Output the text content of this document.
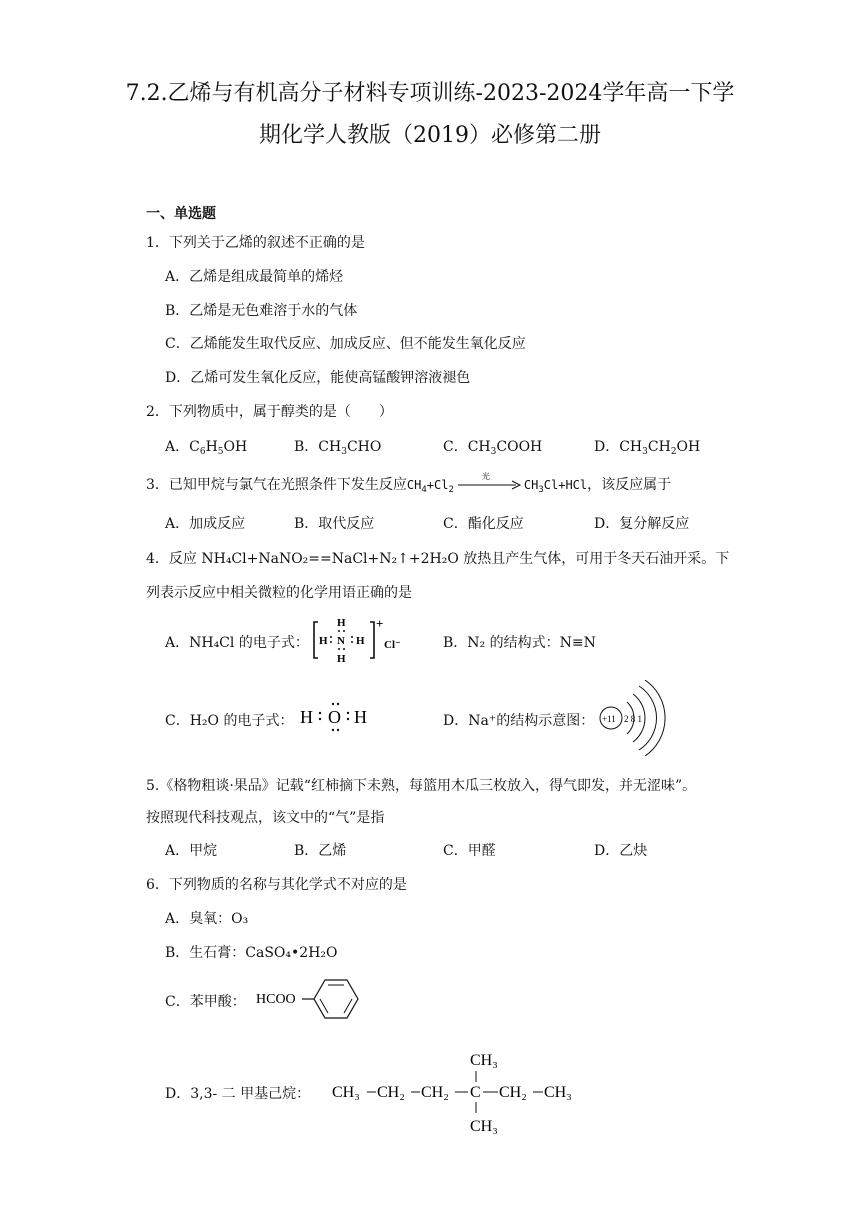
7.2.乙烯与有机高分子材料专项训练-2023-2024学年高一下学
期化学人教版（2019）必修第二册
一、单选题
1．下列关于乙烯的叙述不正确的是
A．乙烯是组成最简单的烯烃
B．乙烯是无色难溶于水的气体
C．乙烯能发生取代反应、加成反应、但不能发生氧化反应
D．乙烯可发生氧化反应，能使高锰酸钾溶液褪色
2．下列物质中，属于醇类的是（　　）
A．$C_6H_5OH$	B．$CH_3CHO$	C．$CH_3COOH$	D．$CH_3CH_2OH$
3．已知甲烷与氯气在光照条件下发生反应$CH_4+Cl_2$
光
$CH_3Cl+HCl$，该反应属于
A．加成反应	B．取代反应	C．酯化反应	D．复分解反应
4．反应 NH₄Cl+NaNO₂==NaCl+N₂↑+2H₂O 放热且产生气体，可用于冬天石油开采。下
列表示反应中相关微粒的化学用语正确的是
A．NH₄Cl 的电子式：
H
H N H
H
+
Cl⁻	B．N₂ 的结构式：N≡N
C．H₂O 的电子式： H O H	D．Na⁺的结构示意图： +11 2 8 1
5.《格物粗谈·果品》记载“红柿摘下未熟，每篮用木瓜三枚放入，得气即发，并无涩味”。
按照现代科技观点，该文中的“气”是指
A．甲烷	B．乙烯	C．甲醛	D．乙炔
6．下列物质的名称与其化学式不对应的是
A．臭氧：O₃
B．生石膏：CaSO₄•2H₂O
C．苯甲酸： HCOO
D．3,3- 二 甲基己烷：
CH₃
CH₃ CH₂ CH₂ C CH₂ CH₃
CH₃
